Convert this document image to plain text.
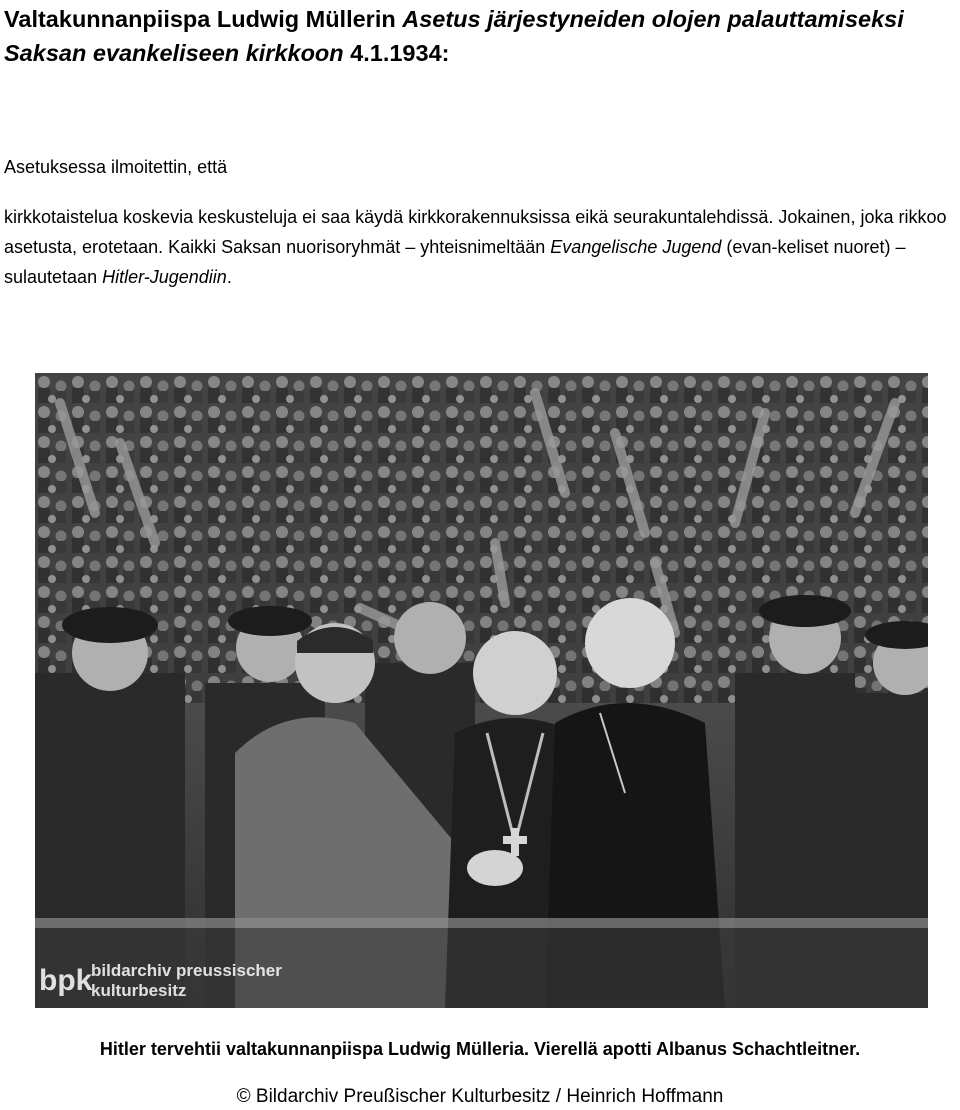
Valtakunnanpiispa Ludwig Müllerin Asetus järjestyneiden olojen palauttamiseksi Saksan evankeliseen kirkkoon 4.1.1934:

Asetuksessa ilmoitettin, että

kirkkotaistelua koskevia keskusteluja ei saa käydä kirkkorakennuksissa eikä seurakuntalehdissä. Jokainen, joka rikkoo asetusta, erotetaan. Kaikki Saksan nuorisoryhmät – yhteisnimeltään Evangelische Jugend (evan-keliset nuoret) – sulautetaan Hitler-Jugendiin.

bpk
bildarchiv preussischer
kulturbesitz

Hitler tervehtii valtakunnanpiispa Ludwig Mülleria. Vierellä apotti Albanus Schachtleitner.

© Bildarchiv Preußischer Kulturbesitz / Heinrich Hoffmann
